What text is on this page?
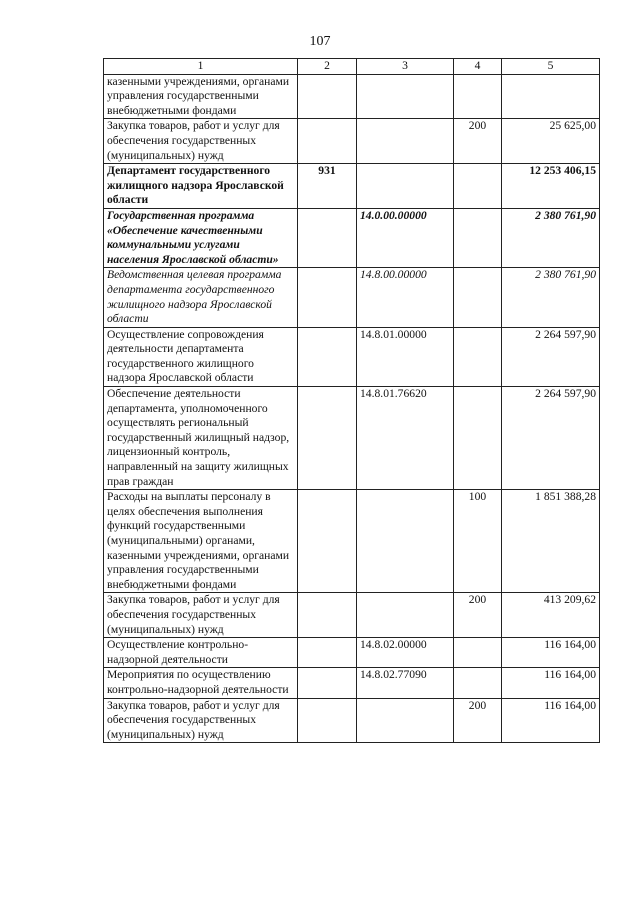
107
1	2	3	4	5
казенными учреждениями, органами управления государственными внебюджетными фондами				
Закупка товаров, работ и услуг для обеспечения государственных (муниципальных) нужд			200	25 625,00
Департамент государственного жилищного надзора Ярославской области	931			12 253 406,15
Государственная программа «Обеспечение качественными коммунальными услугами населения Ярославской области»		14.0.00.00000		2 380 761,90
Ведомственная целевая программа департамента государственного жилищного надзора Ярославской области		14.8.00.00000		2 380 761,90
Осуществление сопровождения деятельности департамента государственного жилищного надзора Ярославской области		14.8.01.00000		2 264 597,90
Обеспечение деятельности департамента, уполномоченного осуществлять региональный государственный жилищный надзор, лицензионный контроль, направленный на защиту жилищных прав граждан		14.8.01.76620		2 264 597,90
Расходы на выплаты персоналу в целях обеспечения выполнения функций государственными (муниципальными) органами, казенными учреждениями, органами управления государственными внебюджетными фондами			100	1 851 388,28
Закупка товаров, работ и услуг для обеспечения государственных (муниципальных) нужд			200	413 209,62
Осуществление контрольно-надзорной деятельности		14.8.02.00000		116 164,00
Мероприятия по осуществлению контрольно-надзорной деятельности		14.8.02.77090		116 164,00
Закупка товаров, работ и услуг для обеспечения государственных (муниципальных) нужд			200	116 164,00
